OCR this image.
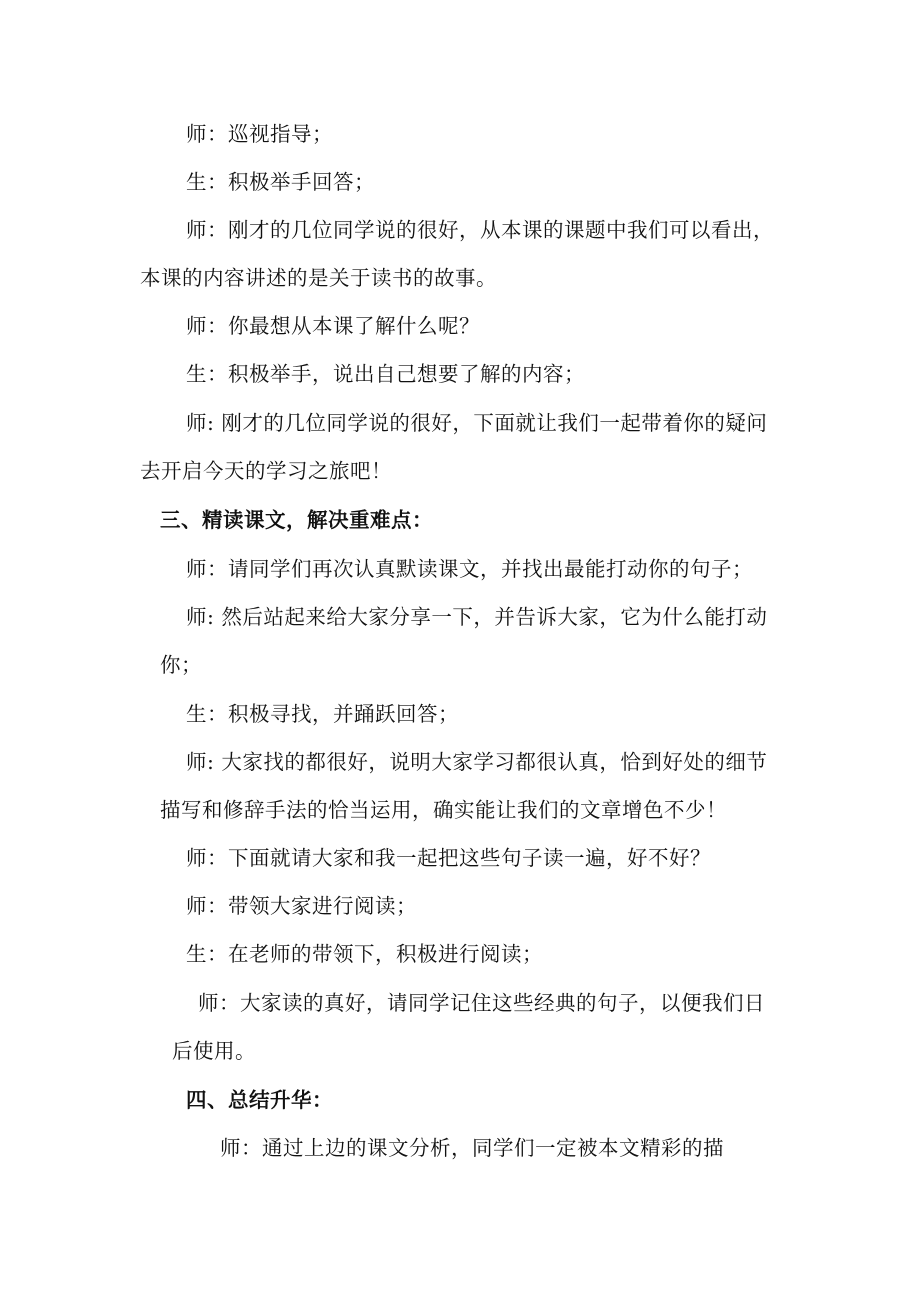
师：巡视指导；
生：积极举手回答；
师：刚才的几位同学说的很好，从本课的课题中我们可以看出，
本课的内容讲述的是关于读书的故事。
师：你最想从本课了解什么呢？
生：积极举手，说出自己想要了解的内容；
师: 刚才的几位同学说的很好，下面就让我们一起带着你的疑问
去开启今天的学习之旅吧！
三、精读课文，解决重难点：
师：请同学们再次认真默读课文，并找出最能打动你的句子；
师: 然后站起来给大家分享一下，并告诉大家，它为什么能打动
你；
生：积极寻找，并踊跃回答；
师: 大家找的都很好，说明大家学习都很认真，恰到好处的细节
描写和修辞手法的恰当运用，确实能让我们的文章增色不少！
师：下面就请大家和我一起把这些句子读一遍，好不好？
师：带领大家进行阅读；
生：在老师的带领下，积极进行阅读；
师：大家读的真好，请同学记住这些经典的句子，以便我们日
后使用。
四、总结升华：
师：通过上边的课文分析，同学们一定被本文精彩的描
